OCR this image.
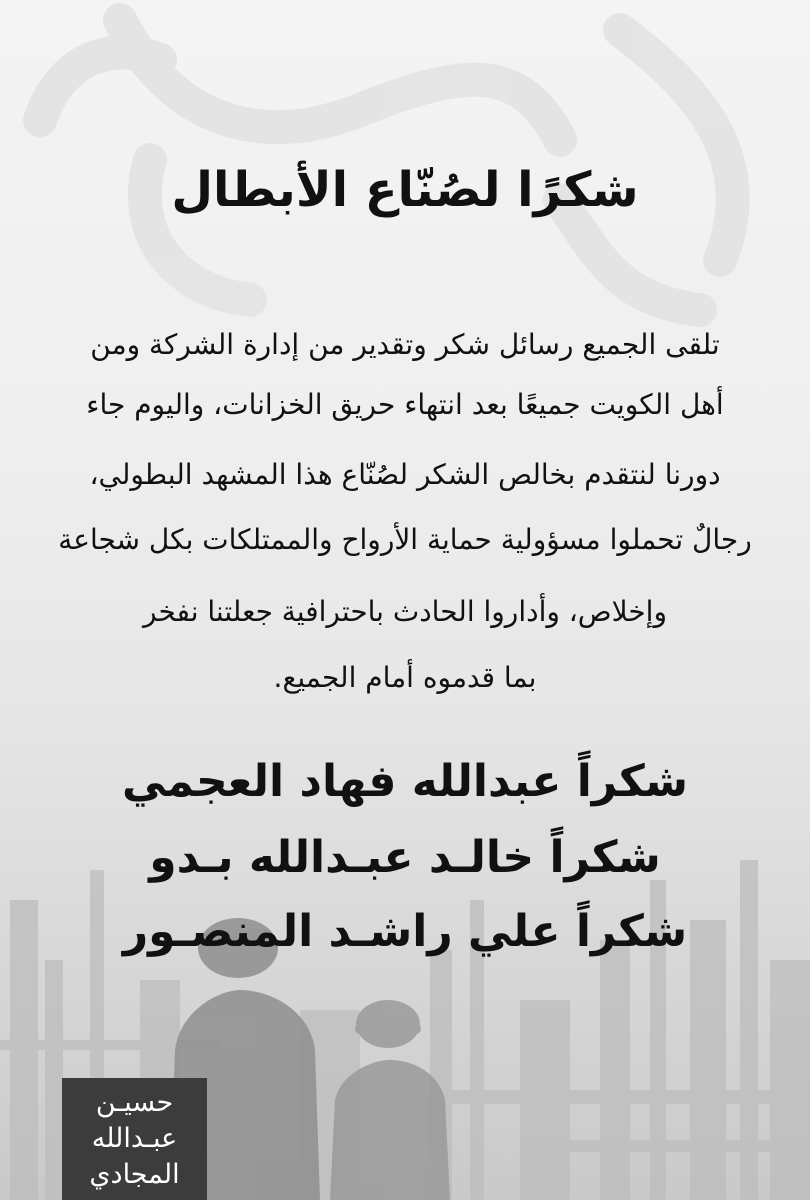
شكرًا لصُنّاع الأبطال

تلقى الجميع رسائل شكر وتقدير من إدارة الشركة ومن

أهل الكويت جميعًا بعد انتهاء حريق الخزانات، واليوم جاء

دورنا لنتقدم بخالص الشكر لصُنّاع هذا المشهد البطولي،

رجالٌ تحملوا مسؤولية حماية الأرواح والممتلكات بكل شجاعة

وإخلاص، وأداروا الحادث باحترافية جعلتنا نفخر

بما قدموه أمام الجميع.

شكراً عبدالله فهاد العجمي

شكراً خالـد عبـدالله بـدو

شكراً علي راشـد المنصـور

حسيـن
عبـدالله
المجادي
